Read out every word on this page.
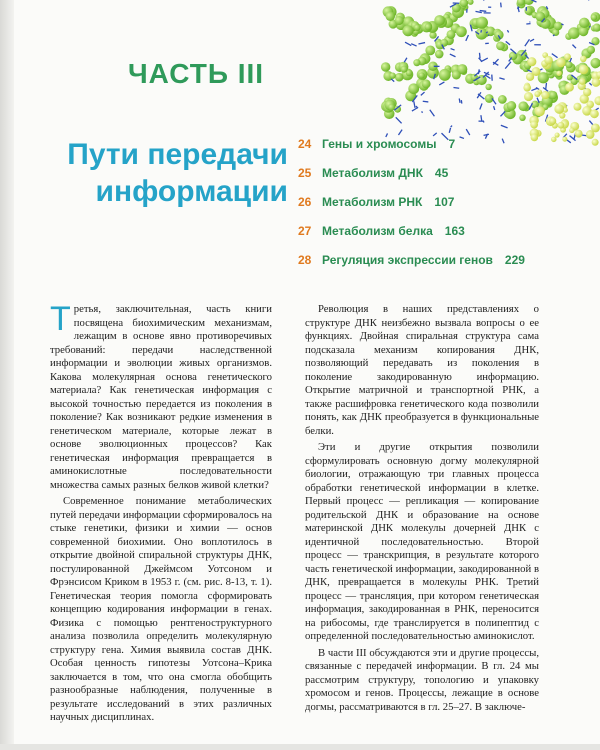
ЧАСТЬ III
Пути передачи
информации
24 Гены и хромосомы 7
25 Метаболизм ДНК 45
26 Метаболизм РНК 107
27 Метаболизм белка 163
28 Регуляция экспрессии генов 229

Третья, заключительная, часть книги посвящена биохимическим механизмам, лежащим в основе явно противоречивых требований: передачи наследственной информации и эволюции живых организмов. Какова молекулярная основа генетического материала? Как генетическая информация с высокой точностью передается из поколения в поколение? Как возникают редкие изменения в генетическом материале, которые лежат в основе эволюционных процессов? Как генетическая информация превращается в аминокислотные последовательности множества самых разных белков живой клетки?

Современное понимание метаболических путей передачи информации сформировалось на стыке генетики, физики и химии — основ современной биохимии. Оно воплотилось в открытие двойной спиральной структуры ДНК, постулированной Джеймсом Уотсоном и Фрэнсисом Криком в 1953 г. (см. рис. 8-13, т. 1). Генетическая теория помогла сформировать концепцию кодирования информации в генах. Физика с помощью рентгеноструктурного анализа позволила определить молекулярную структуру гена. Химия выявила состав ДНК. Особая ценность гипотезы Уотсона–Крика заключается в том, что она смогла обобщить разнообразные наблюдения, полученные в результате исследований в этих различных научных дисциплинах.

Революция в наших представлениях о структуре ДНК неизбежно вызвала вопросы о ее функциях. Двойная спиральная структура сама подсказала механизм копирования ДНК, позволяющий передавать из поколения в поколение закодированную информацию. Открытие матричной и транспортной РНК, а также расшифровка генетического кода позволили понять, как ДНК преобразуется в функциональные белки.

Эти и другие открытия позволили сформулировать основную догму молекулярной биологии, отражающую три главных процесса обработки генетической информации в клетке. Первый процесс — репликация — копирование родительской ДНК и образование на основе материнской ДНК молекулы дочерней ДНК с идентичной последовательностью. Второй процесс — транскрипция, в результате которого часть генетической информации, закодированной в ДНК, превращается в молекулы РНК. Третий процесс — трансляция, при котором генетическая информация, закодированная в РНК, переносится на рибосомы, где транслируется в полипептид с определенной последовательностью аминокислот.

В части III обсуждаются эти и другие процессы, связанные с передачей информации. В гл. 24 мы рассмотрим структуру, топологию и упаковку хромосом и генов. Процессы, лежащие в основе догмы, рассматриваются в гл. 25–27. В заключе-
